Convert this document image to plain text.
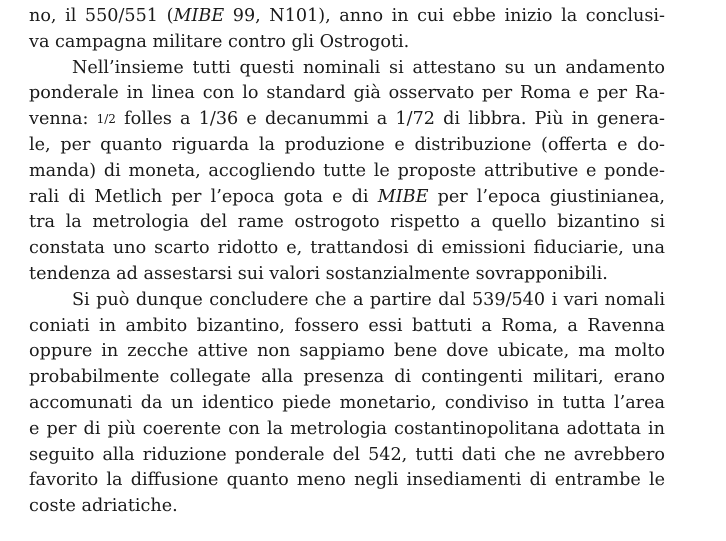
no, il 550/551 (MIBE 99, N101), anno in cui ebbe inizio la conclusi-
va campagna militare contro gli Ostrogoti.
Nell’insieme tutti questi nominali si attestano su un andamento
ponderale in linea con lo standard già osservato per Roma e per Ra-
venna: 1/2 folles a 1/36 e decanummi a 1/72 di libbra. Più in genera-
le, per quanto riguarda la produzione e distribuzione (offerta e do-
manda) di moneta, accogliendo tutte le proposte attributive e ponde-
rali di Metlich per l’epoca gota e di MIBE per l’epoca giustinianea,
tra la metrologia del rame ostrogoto rispetto a quello bizantino si
constata uno scarto ridotto e, trattandosi di emissioni fiduciarie, una
tendenza ad assestarsi sui valori sostanzialmente sovrapponibili.
Si può dunque concludere che a partire dal 539/540 i vari nomali
coniati in ambito bizantino, fossero essi battuti a Roma, a Ravenna
oppure in zecche attive non sappiamo bene dove ubicate, ma molto
probabilmente collegate alla presenza di contingenti militari, erano
accomunati da un identico piede monetario, condiviso in tutta l’area
e per di più coerente con la metrologia costantinopolitana adottata in
seguito alla riduzione ponderale del 542, tutti dati che ne avrebbero
favorito la diffusione quanto meno negli insediamenti di entrambe le
coste adriatiche.
